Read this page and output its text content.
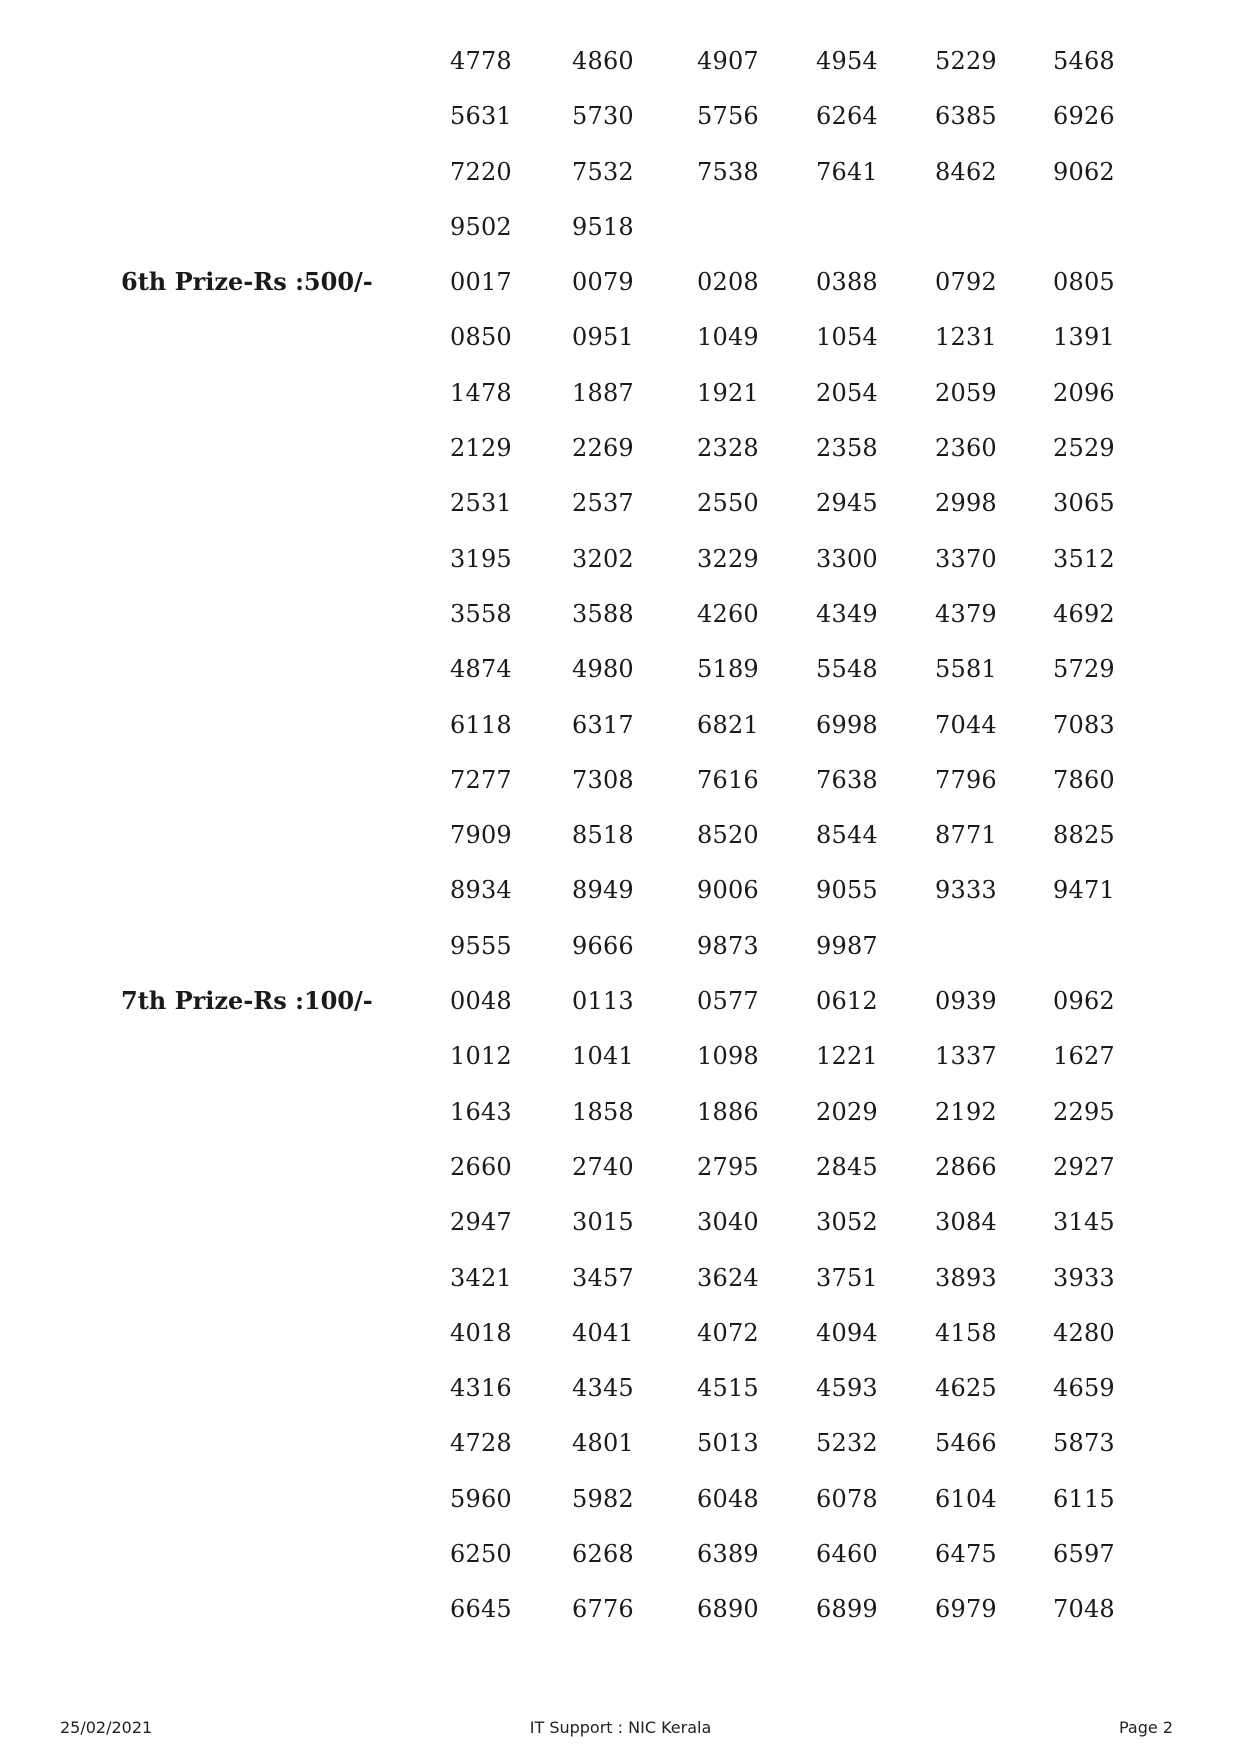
4778	4860	4907 4954 5229 5468
5631	5730	5756 6264 6385 6926
7220	7532	7538 7641 8462 9062
9502	9518
6th Prize-Rs :500/-	0017	0079	0208 0388 0792 0805
0850	0951	1049 1054 1231 1391
1478	1887	1921 2054 2059 2096
2129	2269	2328 2358 2360 2529
2531	2537	2550 2945 2998 3065
3195	3202	3229 3300 3370 3512
3558	3588	4260 4349 4379 4692
4874	4980	5189 5548 5581 5729
6118	6317	6821 6998 7044 7083
7277	7308	7616 7638 7796 7860
7909	8518	8520 8544 8771 8825
8934	8949	9006 9055 9333 9471
9555	9666	9873 9987
7th Prize-Rs :100/-	0048	0113	0577 0612 0939 0962
1012	1041	1098 1221 1337 1627
1643	1858	1886 2029 2192 2295
2660	2740	2795 2845 2866 2927
2947	3015	3040 3052 3084 3145
3421	3457	3624 3751 3893 3933
4018	4041	4072 4094 4158 4280
4316	4345	4515 4593 4625 4659
4728	4801	5013 5232 5466 5873
5960	5982	6048 6078 6104 6115
6250	6268	6389 6460 6475 6597
6645	6776	6890 6899 6979 7048
25/02/2021	IT Support : NIC Kerala	Page 2
